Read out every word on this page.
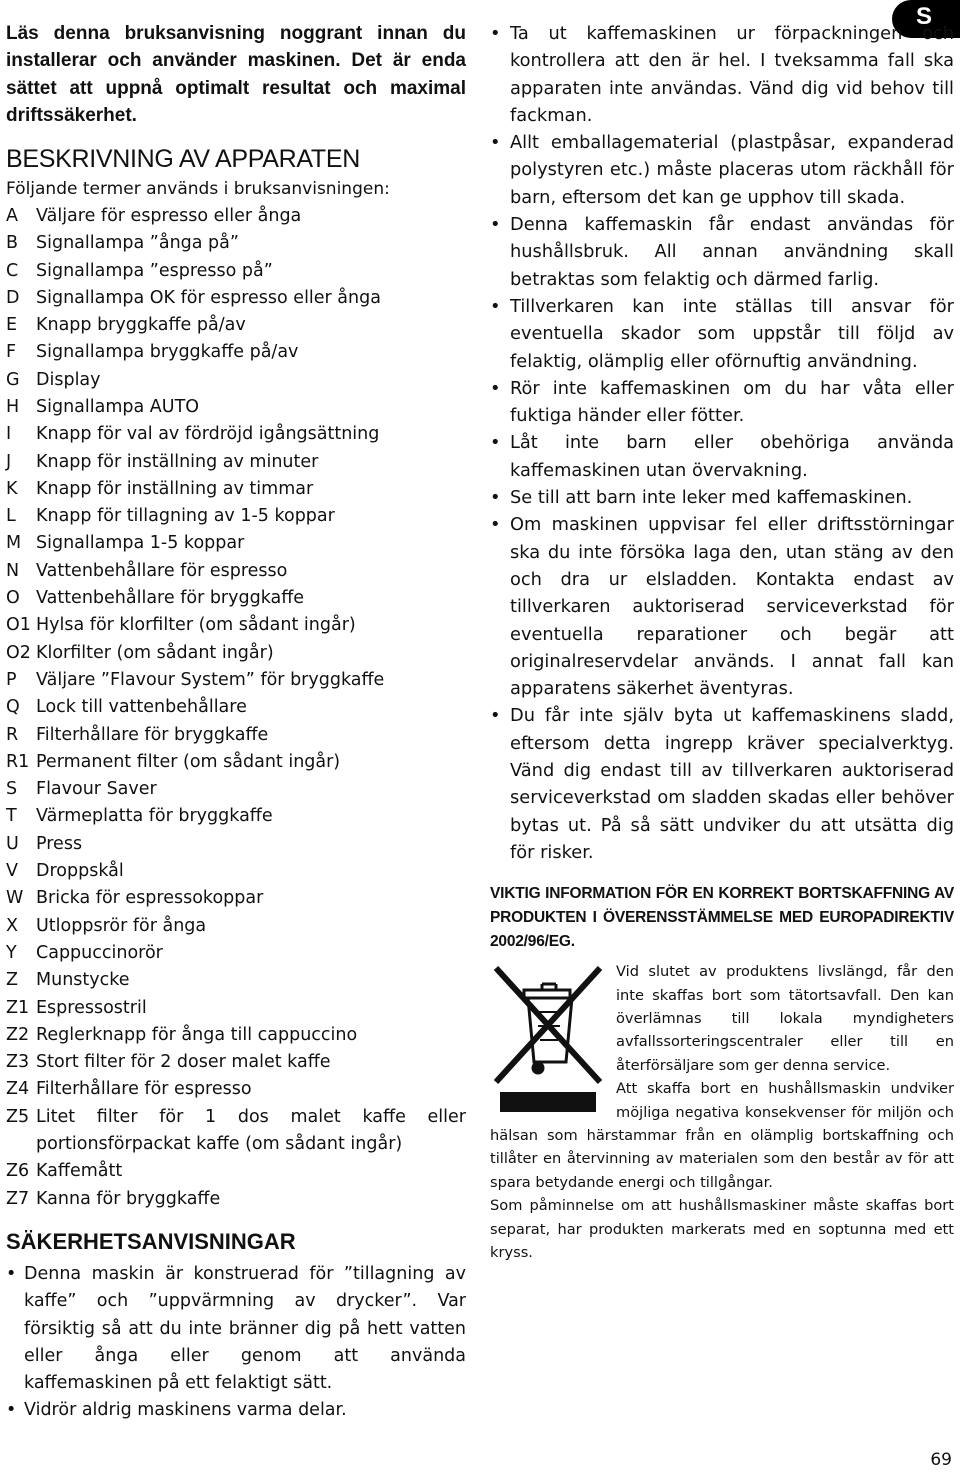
S

Läs denna bruksanvisning noggrant innan du installerar och använder maskinen. Det är enda sättet att uppnå optimalt resultat och maximal driftssäkerhet.

BESKRIVNING AV APPARATEN

Följande termer används i bruksanvisningen:

A	Väljare för espresso eller ånga
B	Signallampa ”ånga på”
C	Signallampa ”espresso på”
D Signallampa OK för espresso eller ånga
E	Knapp bryggkaffe på/av
F	Signallampa bryggkaffe på/av
G Display
H Signallampa AUTO
I	Knapp för val av fördröjd igångsättning
J	Knapp för inställning av minuter
K	Knapp för inställning av timmar
L	Knapp för tillagning av 1-5 koppar
M Signallampa 1-5 koppar
N Vattenbehållare för espresso
O Vattenbehållare för bryggkaffe
O1 Hylsa för klorfilter (om sådant ingår)
O2 Klorfilter (om sådant ingår)
P	Väljare ”Flavour System” för bryggkaffe
Q Lock till vattenbehållare
R	Filterhållare för bryggkaffe
R1 Permanent filter (om sådant ingår)
S	Flavour Saver
T	Värmeplatta för bryggkaffe
U Press
V	Droppskål
W Bricka för espressokoppar
X	Utloppsrör för ånga
Y	Cappuccinorör
Z	Munstycke
Z1 Espressostril
Z2 Reglerknapp för ånga till cappuccino
Z3 Stort filter för 2 doser malet kaffe
Z4 Filterhållare för espresso
Z5 Litet filter för 1 dos malet kaffe eller portionsförpackat kaffe (om sådant ingår)
Z6 Kaffemått
Z7 Kanna för bryggkaffe
SÄKERHETSANVISNINGAR
• Denna maskin är konstruerad för ”tillagning av kaffe” och ”uppvärmning av drycker”. Var försiktig så att du inte bränner dig på hett vatten eller ånga eller genom att använda kaffemaskinen på ett felaktigt sätt.
• Vidrör aldrig maskinens varma delar.
• Ta ut kaffemaskinen ur förpackningen och kontrollera att den är hel. I tveksamma fall ska apparaten inte användas. Vänd dig vid behov till fackman.
• Allt emballagematerial (plastpåsar, expanderad polystyren etc.) måste placeras utom räckhåll för barn, eftersom det kan ge upphov till skada.
• Denna kaffemaskin får endast användas för hushållsbruk. All annan användning skall betraktas som felaktig och därmed farlig.
• Tillverkaren kan inte ställas till ansvar för eventuella skador som uppstår till följd av felaktig, olämplig eller oförnuftig användning.
• Rör inte kaffemaskinen om du har våta eller fuktiga händer eller fötter.
• Låt inte barn eller obehöriga använda kaffemaskinen utan övervakning.
• Se till att barn inte leker med kaffemaskinen.
• Om maskinen uppvisar fel eller driftsstörningar ska du inte försöka laga den, utan stäng av den och dra ur elsladden. Kontakta endast av tillverkaren auktoriserad serviceverkstad för eventuella reparationer och begär att originalreservdelar används. I annat fall kan apparatens säkerhet äventyras.
• Du får inte själv byta ut kaffemaskinens sladd, eftersom detta ingrepp kräver specialverktyg. Vänd dig endast till av tillverkaren auktoriserad serviceverkstad om sladden skadas eller behöver bytas ut. På så sätt undviker du att utsätta dig för risker.
VIKTIG INFORMATION FÖR EN KORREKT BORTSKAFFNING AV PRODUKTEN I ÖVERENSSTÄMMELSE MED EUROPADIREKTIV 2002/96/EG.

Vid slutet av produktens livslängd, får den inte skaffas bort som tätortsavfall. Den kan överlämnas till lokala myndigheters avfallssorteringscentraler eller till en återförsäljare som ger denna service.

Att skaffa bort en hushållsmaskin undviker möjliga negativa konsekvenser för miljön och hälsan som härstammar från en olämplig bortskaffning och tillåter en återvinning av materialen som den består av för att spara betydande energi och tillgångar.

Som påminnelse om att hushållsmaskiner måste skaffas bort separat, har produkten markerats med en soptunna med ett kryss.

69
